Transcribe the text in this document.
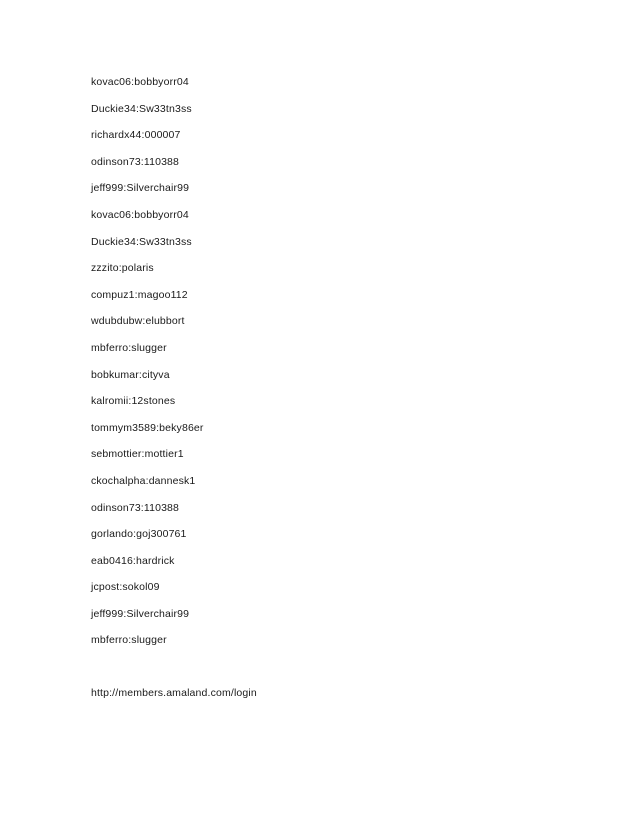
kovac06:bobbyorr04
Duckie34:Sw33tn3ss
richardx44:000007
odinson73:110388
jeff999:Silverchair99
kovac06:bobbyorr04
Duckie34:Sw33tn3ss
zzzito:polaris
compuz1:magoo112
wdubdubw:elubbort
mbferro:slugger
bobkumar:cityva
kalromii:12stones
tommym3589:beky86er
sebmottier:mottier1
ckochalpha:dannesk1
odinson73:110388
gorlando:goj300761
eab0416:hardrick
jcpost:sokol09
jeff999:Silverchair99
mbferro:slugger
http://members.amaland.com/login
